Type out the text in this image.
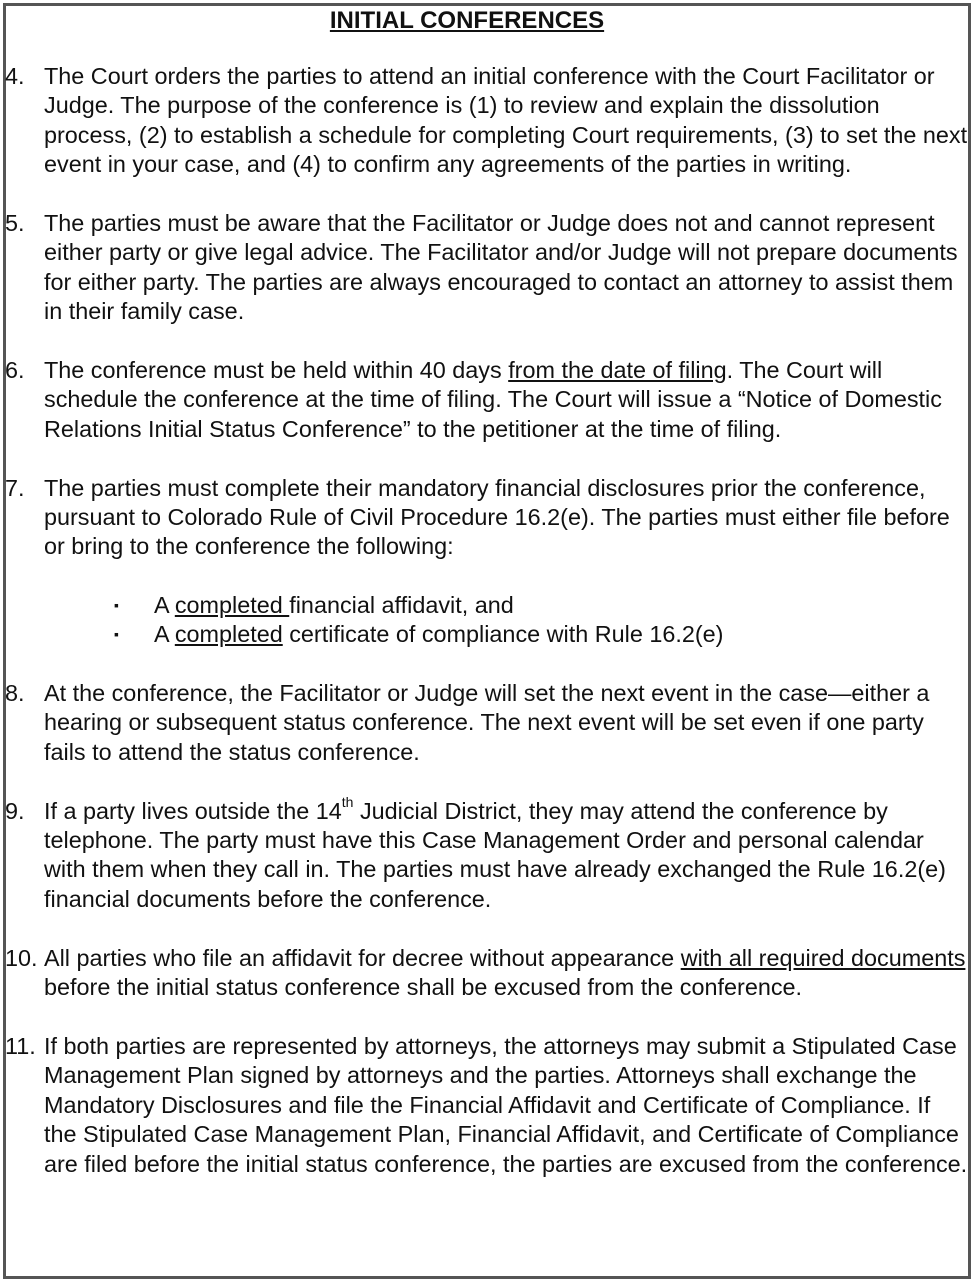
INITIAL CONFERENCES
4. The Court orders the parties to attend an initial conference with the Court Facilitator or Judge. The purpose of the conference is (1) to review and explain the dissolution process, (2) to establish a schedule for completing Court requirements, (3) to set the next event in your case, and (4) to confirm any agreements of the parties in writing.
5. The parties must be aware that the Facilitator or Judge does not and cannot represent either party or give legal advice. The Facilitator and/or Judge will not prepare documents for either party. The parties are always encouraged to contact an attorney to assist them in their family case.
6. The conference must be held within 40 days from the date of filing. The Court will schedule the conference at the time of filing. The Court will issue a “Notice of Domestic Relations Initial Status Conference” to the petitioner at the time of filing.
7. The parties must complete their mandatory financial disclosures prior the conference, pursuant to Colorado Rule of Civil Procedure 16.2(e). The parties must either file before or bring to the conference the following:
▪ A completed financial affidavit, and
▪ A completed certificate of compliance with Rule 16.2(e)
8. At the conference, the Facilitator or Judge will set the next event in the case—either a hearing or subsequent status conference. The next event will be set even if one party fails to attend the status conference.
9. If a party lives outside the 14th Judicial District, they may attend the conference by telephone. The party must have this Case Management Order and personal calendar with them when they call in. The parties must have already exchanged the Rule 16.2(e) financial documents before the conference.
10. All parties who file an affidavit for decree without appearance with all required documents before the initial status conference shall be excused from the conference.
11. If both parties are represented by attorneys, the attorneys may submit a Stipulated Case Management Plan signed by attorneys and the parties. Attorneys shall exchange the Mandatory Disclosures and file the Financial Affidavit and Certificate of Compliance. If the Stipulated Case Management Plan, Financial Affidavit, and Certificate of Compliance are filed before the initial status conference, the parties are excused from the conference.
